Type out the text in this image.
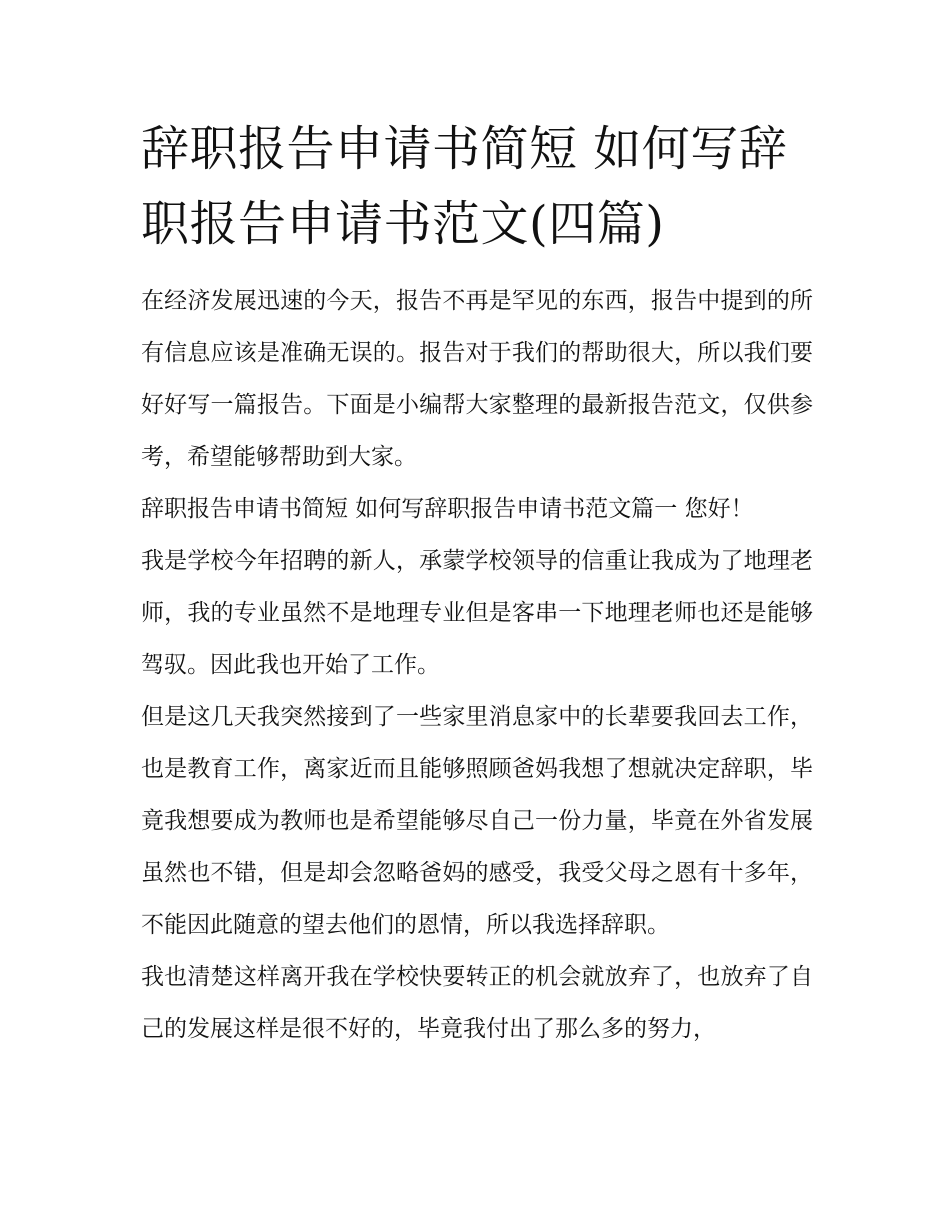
辞职报告申请书简短 如何写辞职报告申请书范文(四篇)

在经济发展迅速的今天，报告不再是罕见的东西，报告中提到的所有信息应该是准确无误的。报告对于我们的帮助很大，所以我们要好好写一篇报告。下面是小编帮大家整理的最新报告范文，仅供参考，希望能够帮助到大家。

辞职报告申请书简短 如何写辞职报告申请书范文篇一 您好！

我是学校今年招聘的新人，承蒙学校领导的信重让我成为了地理老师，我的专业虽然不是地理专业但是客串一下地理老师也还是能够驾驭。因此我也开始了工作。

但是这几天我突然接到了一些家里消息家中的长辈要我回去工作，也是教育工作，离家近而且能够照顾爸妈我想了想就决定辞职，毕竟我想要成为教师也是希望能够尽自己一份力量，毕竟在外省发展虽然也不错，但是却会忽略爸妈的感受，我受父母之恩有十多年，不能因此随意的望去他们的恩情，所以我选择辞职。

我也清楚这样离开我在学校快要转正的机会就放弃了，也放弃了自己的发展这样是很不好的，毕竟我付出了那么多的努力，
